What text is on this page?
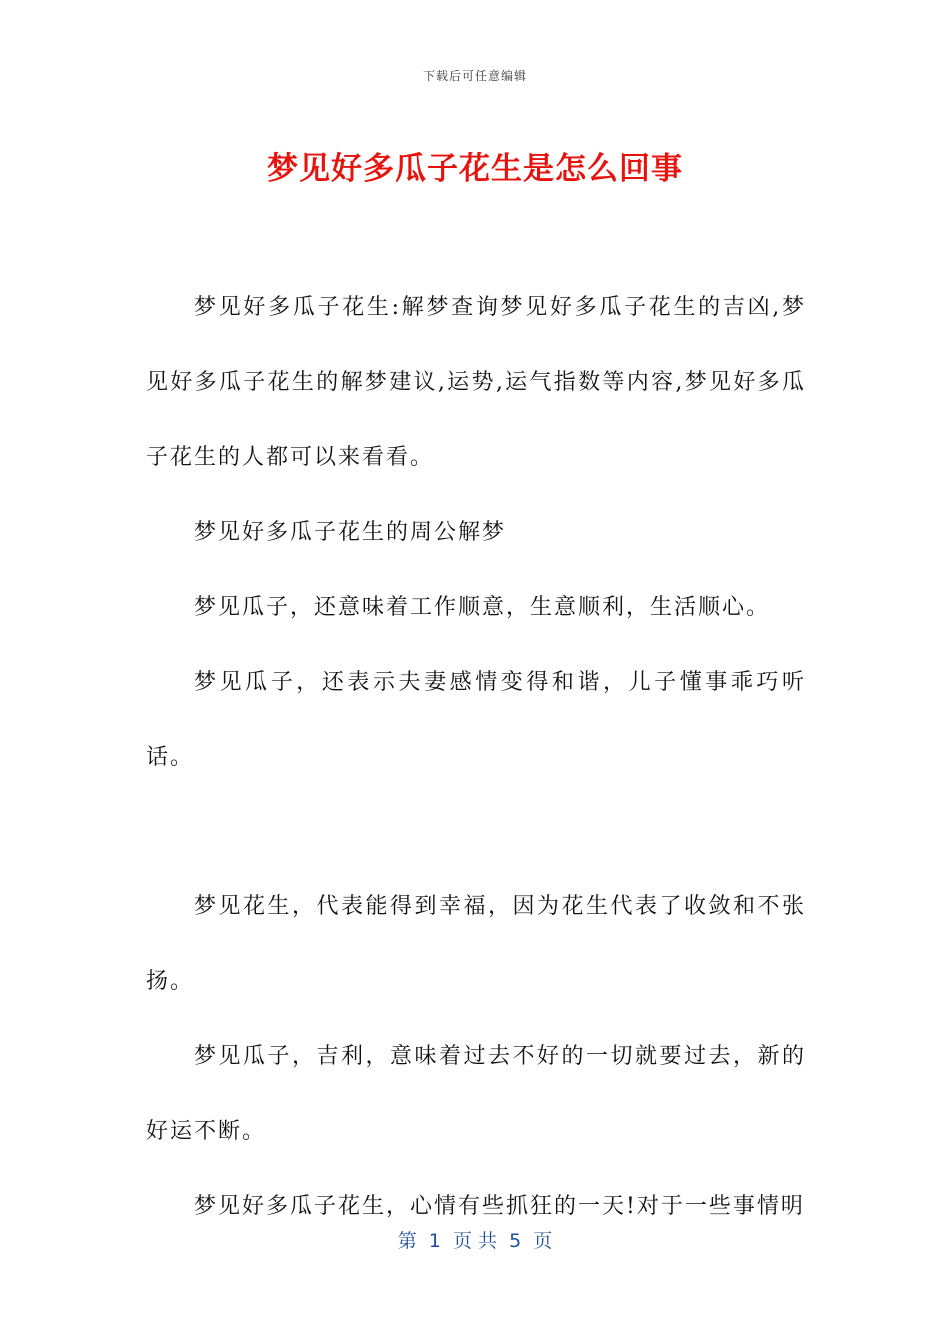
下载后可任意编辑
梦见好多瓜子花生是怎么回事

梦见好多瓜子花生:解梦查询梦见好多瓜子花生的吉凶,梦见好多瓜子花生的解梦建议,运势,运气指数等内容,梦见好多瓜子花生的人都可以来看看。

梦见好多瓜子花生的周公解梦

梦见瓜子，还意味着工作顺意，生意顺利，生活顺心。

梦见瓜子，还表示夫妻感情变得和谐，儿子懂事乖巧听话。

梦见花生，代表能得到幸福，因为花生代表了收敛和不张扬。

梦见瓜子，吉利，意味着过去不好的一切就要过去，新的好运不断。

梦见好多瓜子花生，心情有些抓狂的一天!对于一些事情明

第  1  页 共  5  页
